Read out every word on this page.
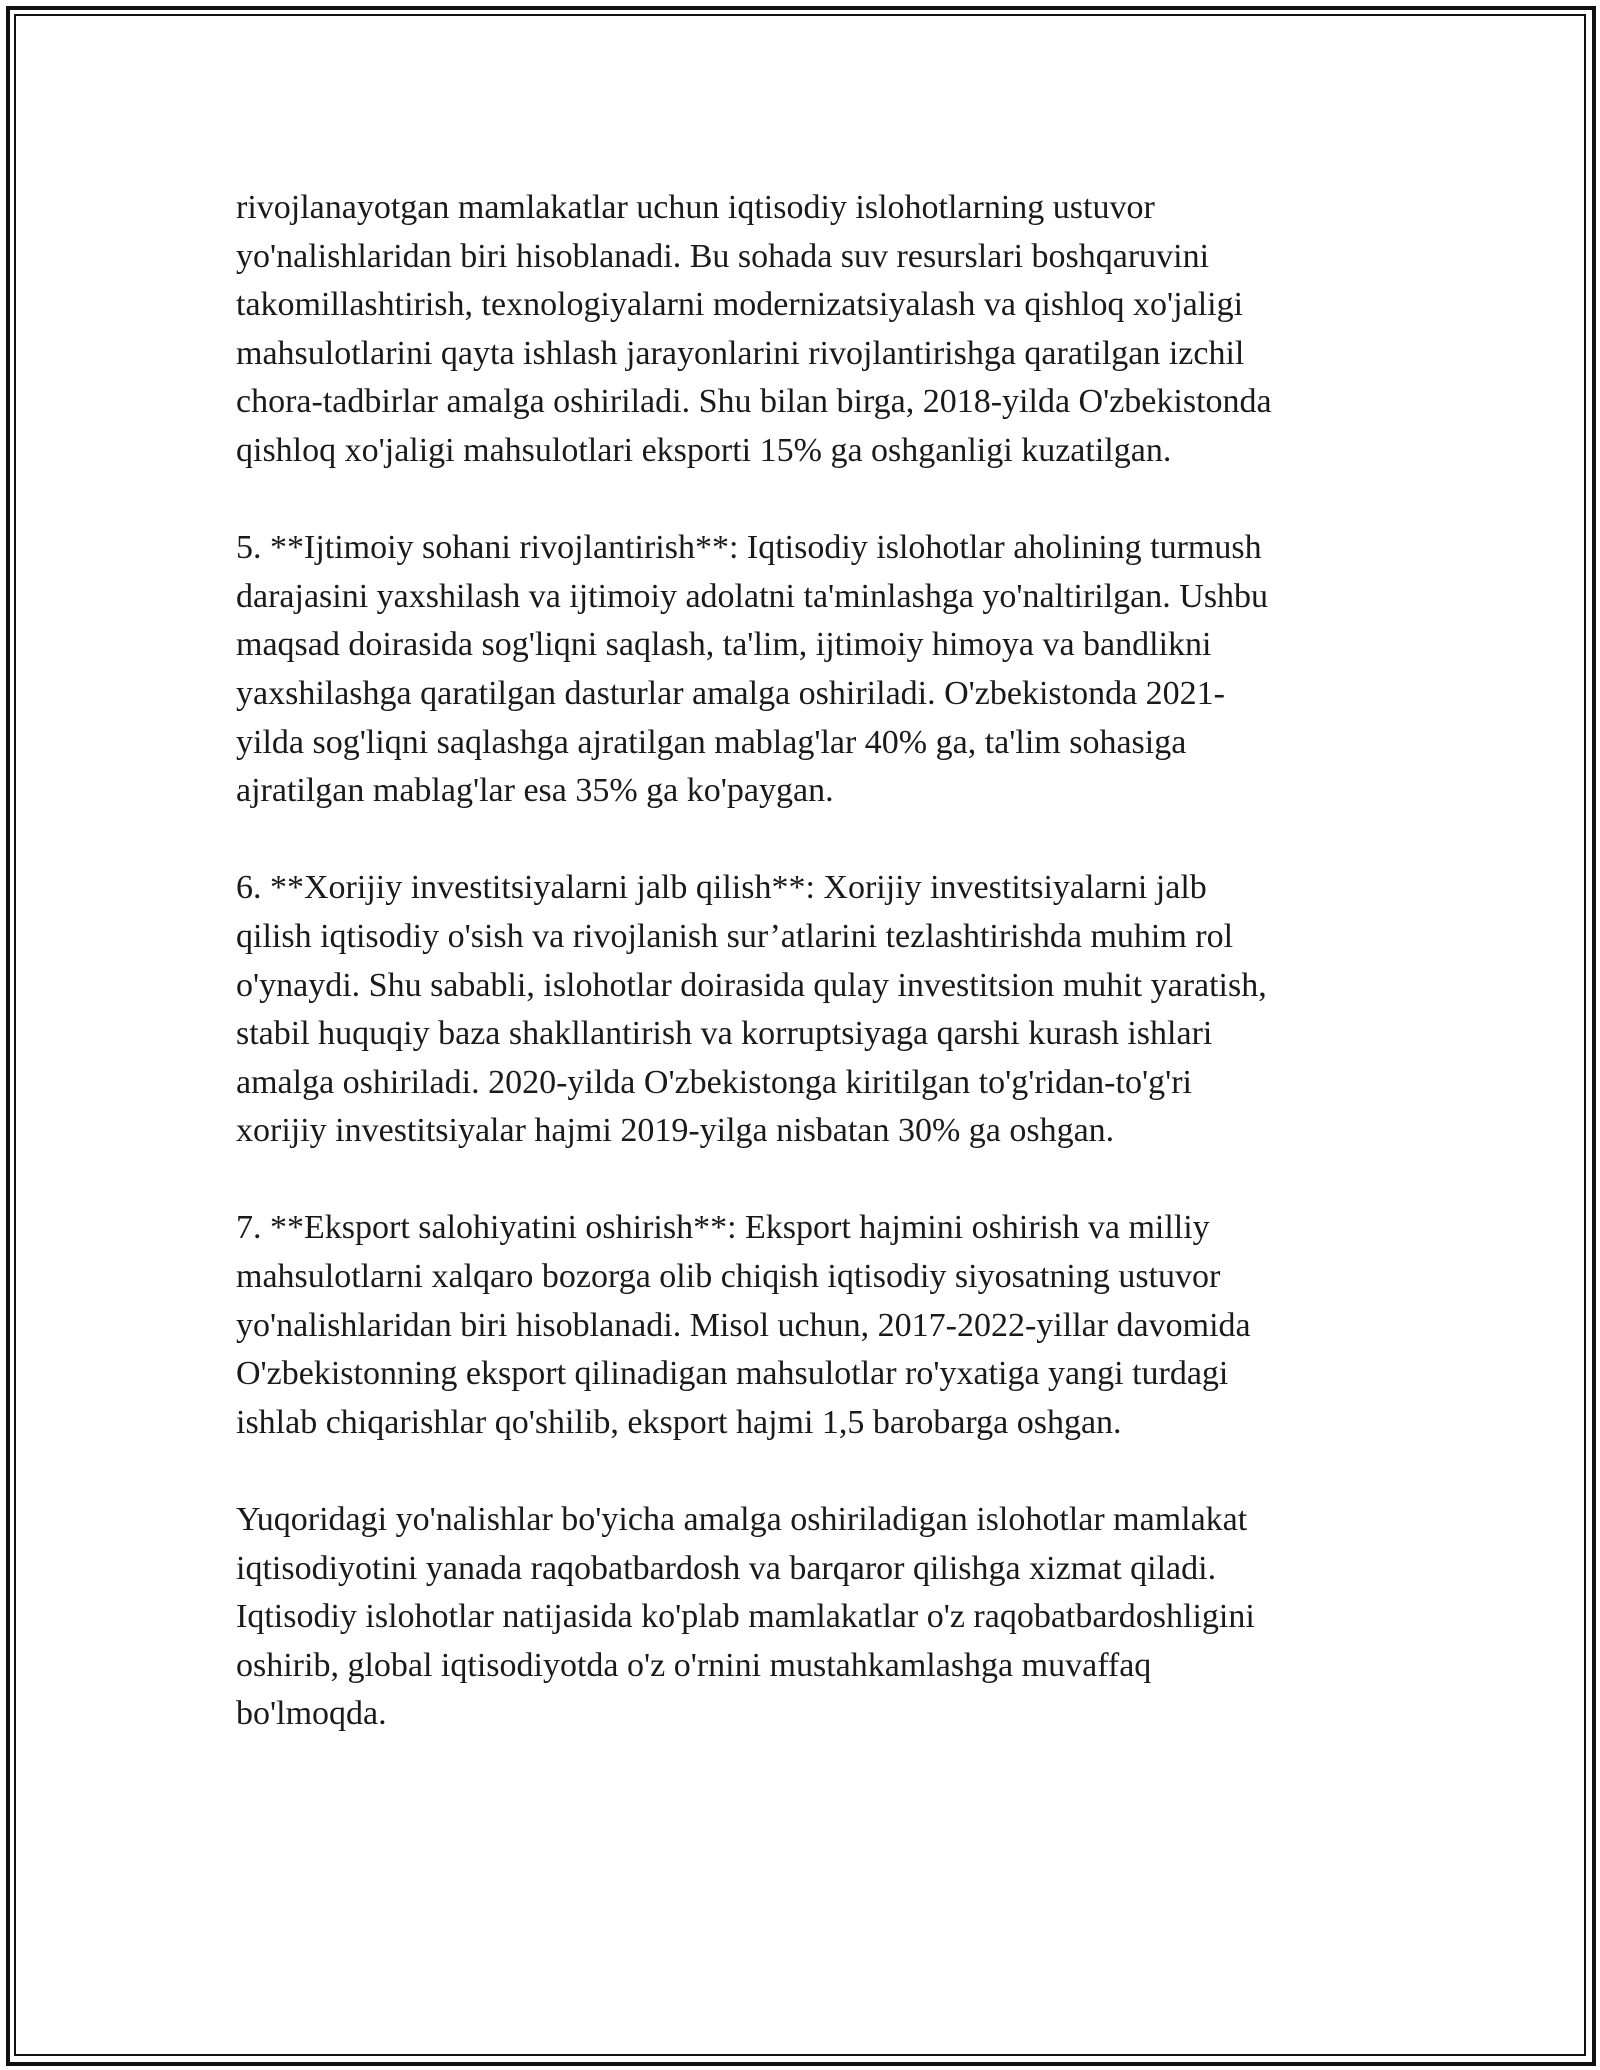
rivojlanayotgan mamlakatlar uchun iqtisodiy islohotlarning ustuvor
yo'nalishlaridan biri hisoblanadi. Bu sohada suv resurslari boshqaruvini
takomillashtirish, texnologiyalarni modernizatsiyalash va qishloq xo'jaligi
mahsulotlarini qayta ishlash jarayonlarini rivojlantirishga qaratilgan izchil
chora-tadbirlar amalga oshiriladi. Shu bilan birga, 2018-yilda O'zbekistonda
qishloq xo'jaligi mahsulotlari eksporti 15% ga oshganligi kuzatilgan.

5. **Ijtimoiy sohani rivojlantirish**: Iqtisodiy islohotlar aholining turmush
darajasini yaxshilash va ijtimoiy adolatni ta'minlashga yo'naltirilgan. Ushbu
maqsad doirasida sog'liqni saqlash, ta'lim, ijtimoiy himoya va bandlikni
yaxshilashga qaratilgan dasturlar amalga oshiriladi. O'zbekistonda 2021-
yilda sog'liqni saqlashga ajratilgan mablag'lar 40% ga, ta'lim sohasiga
ajratilgan mablag'lar esa 35% ga ko'paygan.

6. **Xorijiy investitsiyalarni jalb qilish**: Xorijiy investitsiyalarni jalb
qilish iqtisodiy o'sish va rivojlanish sur’atlarini tezlashtirishda muhim rol
o'ynaydi. Shu sababli, islohotlar doirasida qulay investitsion muhit yaratish,
stabil huquqiy baza shakllantirish va korruptsiyaga qarshi kurash ishlari
amalga oshiriladi. 2020-yilda O'zbekistonga kiritilgan to'g'ridan-to'g'ri
xorijiy investitsiyalar hajmi 2019-yilga nisbatan 30% ga oshgan.

7. **Eksport salohiyatini oshirish**: Eksport hajmini oshirish va milliy
mahsulotlarni xalqaro bozorga olib chiqish iqtisodiy siyosatning ustuvor
yo'nalishlaridan biri hisoblanadi. Misol uchun, 2017-2022-yillar davomida
O'zbekistonning eksport qilinadigan mahsulotlar ro'yxatiga yangi turdagi
ishlab chiqarishlar qo'shilib, eksport hajmi 1,5 barobarga oshgan.

Yuqoridagi yo'nalishlar bo'yicha amalga oshiriladigan islohotlar mamlakat
iqtisodiyotini yanada raqobatbardosh va barqaror qilishga xizmat qiladi.
Iqtisodiy islohotlar natijasida ko'plab mamlakatlar o'z raqobatbardoshligini
oshirib, global iqtisodiyotda o'z o'rnini mustahkamlashga muvaffaq
bo'lmoqda.
